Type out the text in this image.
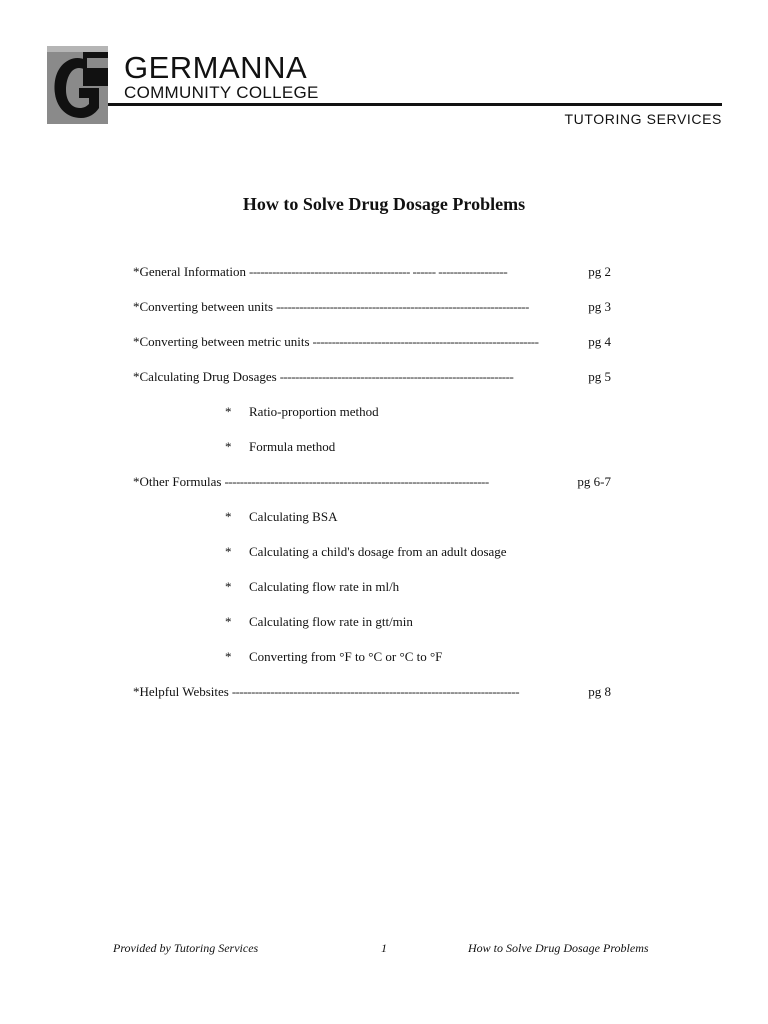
GERMANNA
COMMUNITY COLLEGE
TUTORING SERVICES
How to Solve Drug Dosage Problems
*General Information ------------------------------------------ ------ ------------------	pg 2
*Converting between units ------------------------------------------------------------------	pg 3
*Converting between metric units -----------------------------------------------------------	pg 4
*Calculating Drug Dosages -------------------------------------------------------------	pg 5
* Ratio-proportion method
* Formula method
*Other Formulas ---------------------------------------------------------------------	pg 6-7
* Calculating BSA
* Calculating a child's dosage from an adult dosage
* Calculating flow rate in ml/h
* Calculating flow rate in gtt/min
* Converting from °F to °C or °C to °F
*Helpful Websites ---------------------------------------------------------------------------	pg 8
Provided by Tutoring Services	1	How to Solve Drug Dosage Problems
